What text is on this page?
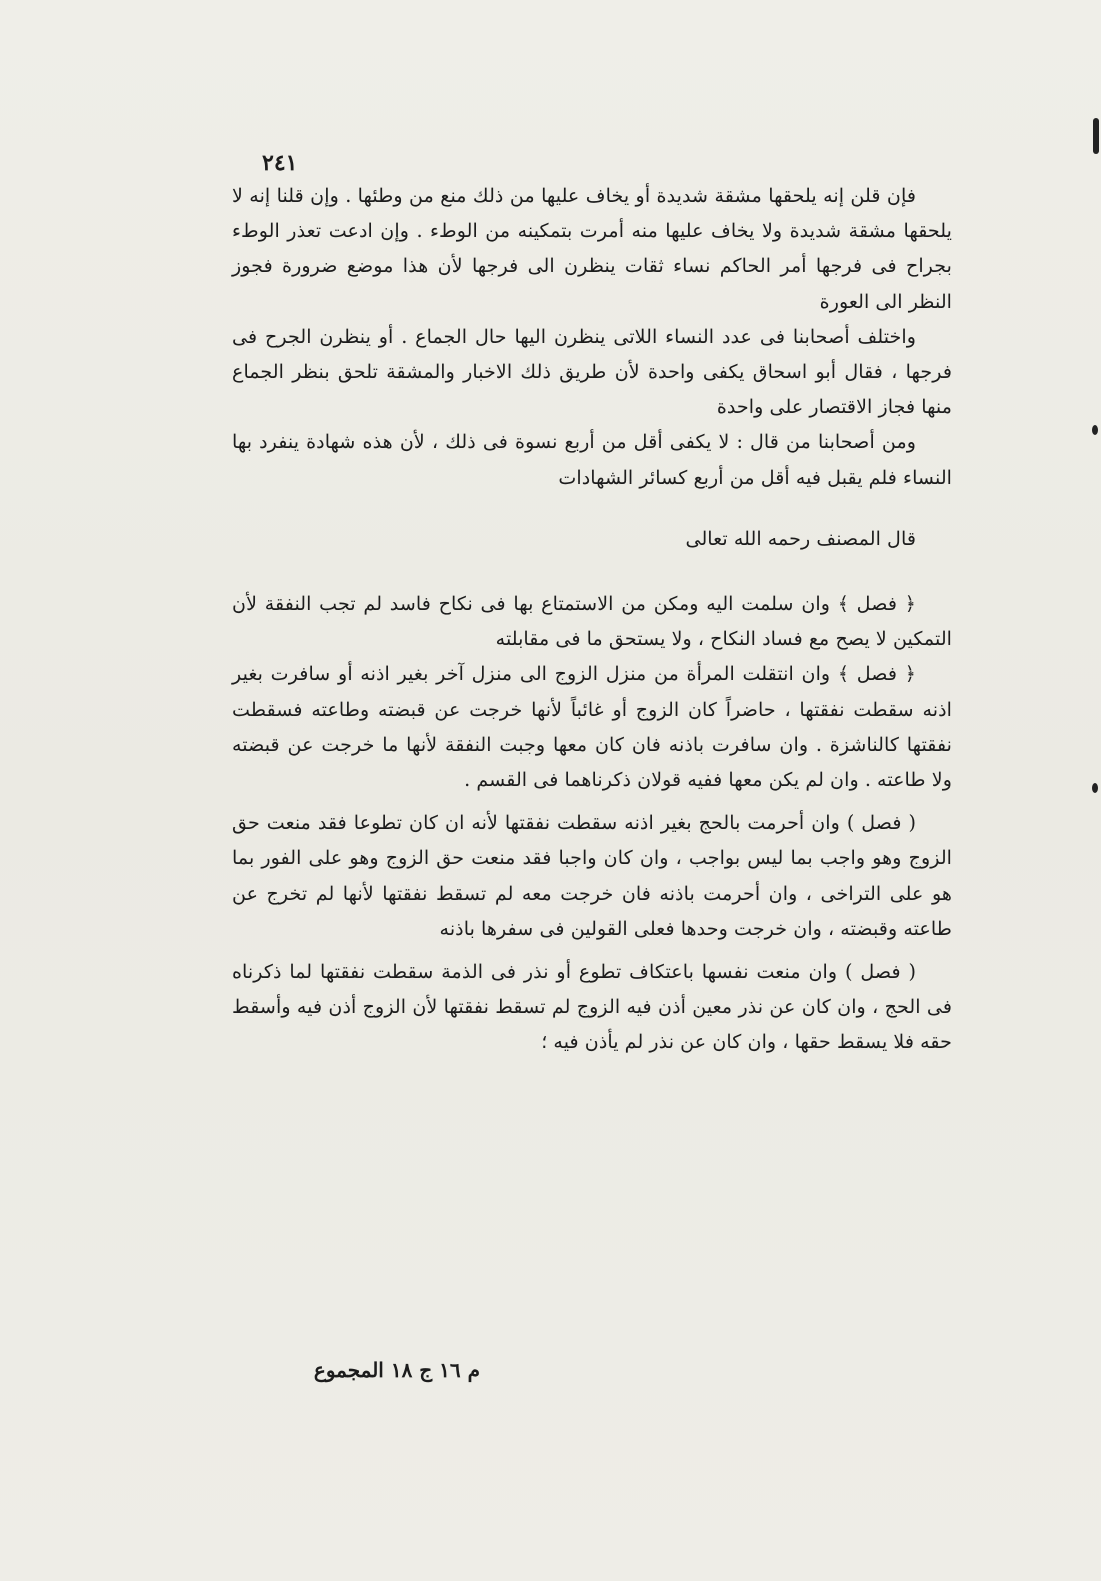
٢٤١

فإن قلن إنه يلحقها مشقة شديدة أو يخاف عليها من ذلك منع من وطئها . وإن قلنا إنه لا يلحقها مشقة شديدة ولا يخاف عليها منه أمرت بتمكينه من الوطء . وإن ادعت تعذر الوطء بجراح فى فرجها أمر الحاكم نساء ثقات ينظرن الى فرجها لأن هذا موضع ضرورة فجوز النظر الى العورة

واختلف أصحابنا فى عدد النساء اللاتى ينظرن اليها حال الجماع . أو ينظرن الجرح فى فرجها ، فقال أبو اسحاق يكفى واحدة لأن طريق ذلك الاخبار والمشقة تلحق بنظر الجماع منها فجاز الاقتصار على واحدة

ومن أصحابنا من قال : لا يكفى أقل من أربع نسوة فى ذلك ، لأن هذه شهادة ينفرد بها النساء فلم يقبل فيه أقل من أربع كسائر الشهادات

قال المصنف رحمه الله تعالى

﴿ فصل ﴾ وان سلمت اليه ومكن من الاستمتاع بها فى نكاح فاسد لم تجب النفقة لأن التمكين لا يصح مع فساد النكاح ، ولا يستحق ما فى مقابلته

﴿ فصل ﴾ وان انتقلت المرأة من منزل الزوج الى منزل آخر بغير اذنه أو سافرت بغير اذنه سقطت نفقتها ، حاضراً كان الزوج أو غائباً لأنها خرجت عن قبضته وطاعته فسقطت نفقتها كالناشزة . وان سافرت باذنه فان كان معها وجبت النفقة لأنها ما خرجت عن قبضته ولا طاعته . وان لم يكن معها ففيه قولان ذكرناهما فى القسم .

( فصل ) وان أحرمت بالحج بغير اذنه سقطت نفقتها لأنه ان كان تطوعا فقد منعت حق الزوج وهو واجب بما ليس بواجب ، وان كان واجبا فقد منعت حق الزوج وهو على الفور بما هو على التراخى ، وان أحرمت باذنه فان خرجت معه لم تسقط نفقتها لأنها لم تخرج عن طاعته وقبضته ، وان خرجت وحدها فعلى القولين فى سفرها باذنه

( فصل ) وان منعت نفسها باعتكاف تطوع أو نذر فى الذمة سقطت نفقتها لما ذكرناه فى الحج ، وان كان عن نذر معين أذن فيه الزوج لم تسقط نفقتها لأن الزوج أذن فيه وأسقط حقه فلا يسقط حقها ، وان كان عن نذر لم يأذن فيه ؛

م ١٦ ج ١٨ المجموع
